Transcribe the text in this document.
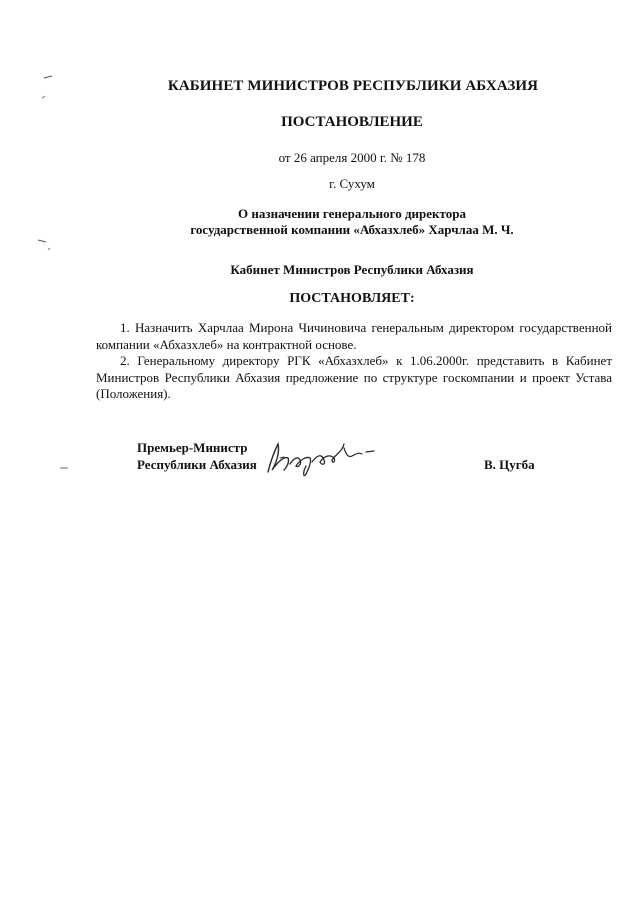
КАБИНЕТ МИНИСТРОВ РЕСПУБЛИКИ АБХАЗИЯ
ПОСТАНОВЛЕНИЕ
от 26 апреля 2000 г. № 178
г. Сухум
О назначении генерального директора
государственной компании «Абхазхлеб» Харчлаа М. Ч.
Кабинет Министров Республики Абхазия
ПОСТАНОВЛЯЕТ:

1. Назначить Харчлаа Мирона Чичиновича генеральным директором государственной компании «Абхазхлеб» на контрактной основе.

2. Генеральному директору РГК «Абхазхлеб» к 1.06.2000г. представить в Кабинет Министров Республики Абхазия предложение по структуре госкомпании и проект Устава (Положения).

Премьер-Министр
Республики Абхазия	В. Цугба
